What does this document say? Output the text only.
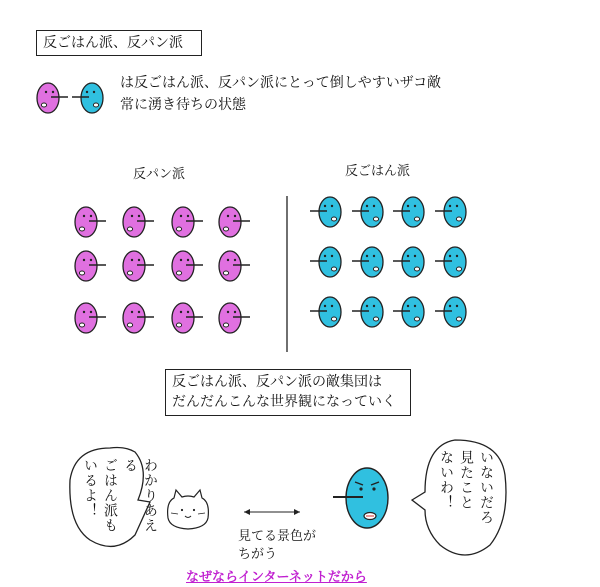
反ごはん派、反パン派
は反ごはん派、反パン派にとって倒しやすいザコ敵
常に湧き待ちの状態
反パン派	反ごはん派
反ごはん派、反パン派の敵集団は
だんだんこんな世界観になっていく
わかりあえる
ごはん派も
いるよ！	いないだろ
見たこと
ないわ！
見てる景色が
ちがう
なぜならインターネットだから
